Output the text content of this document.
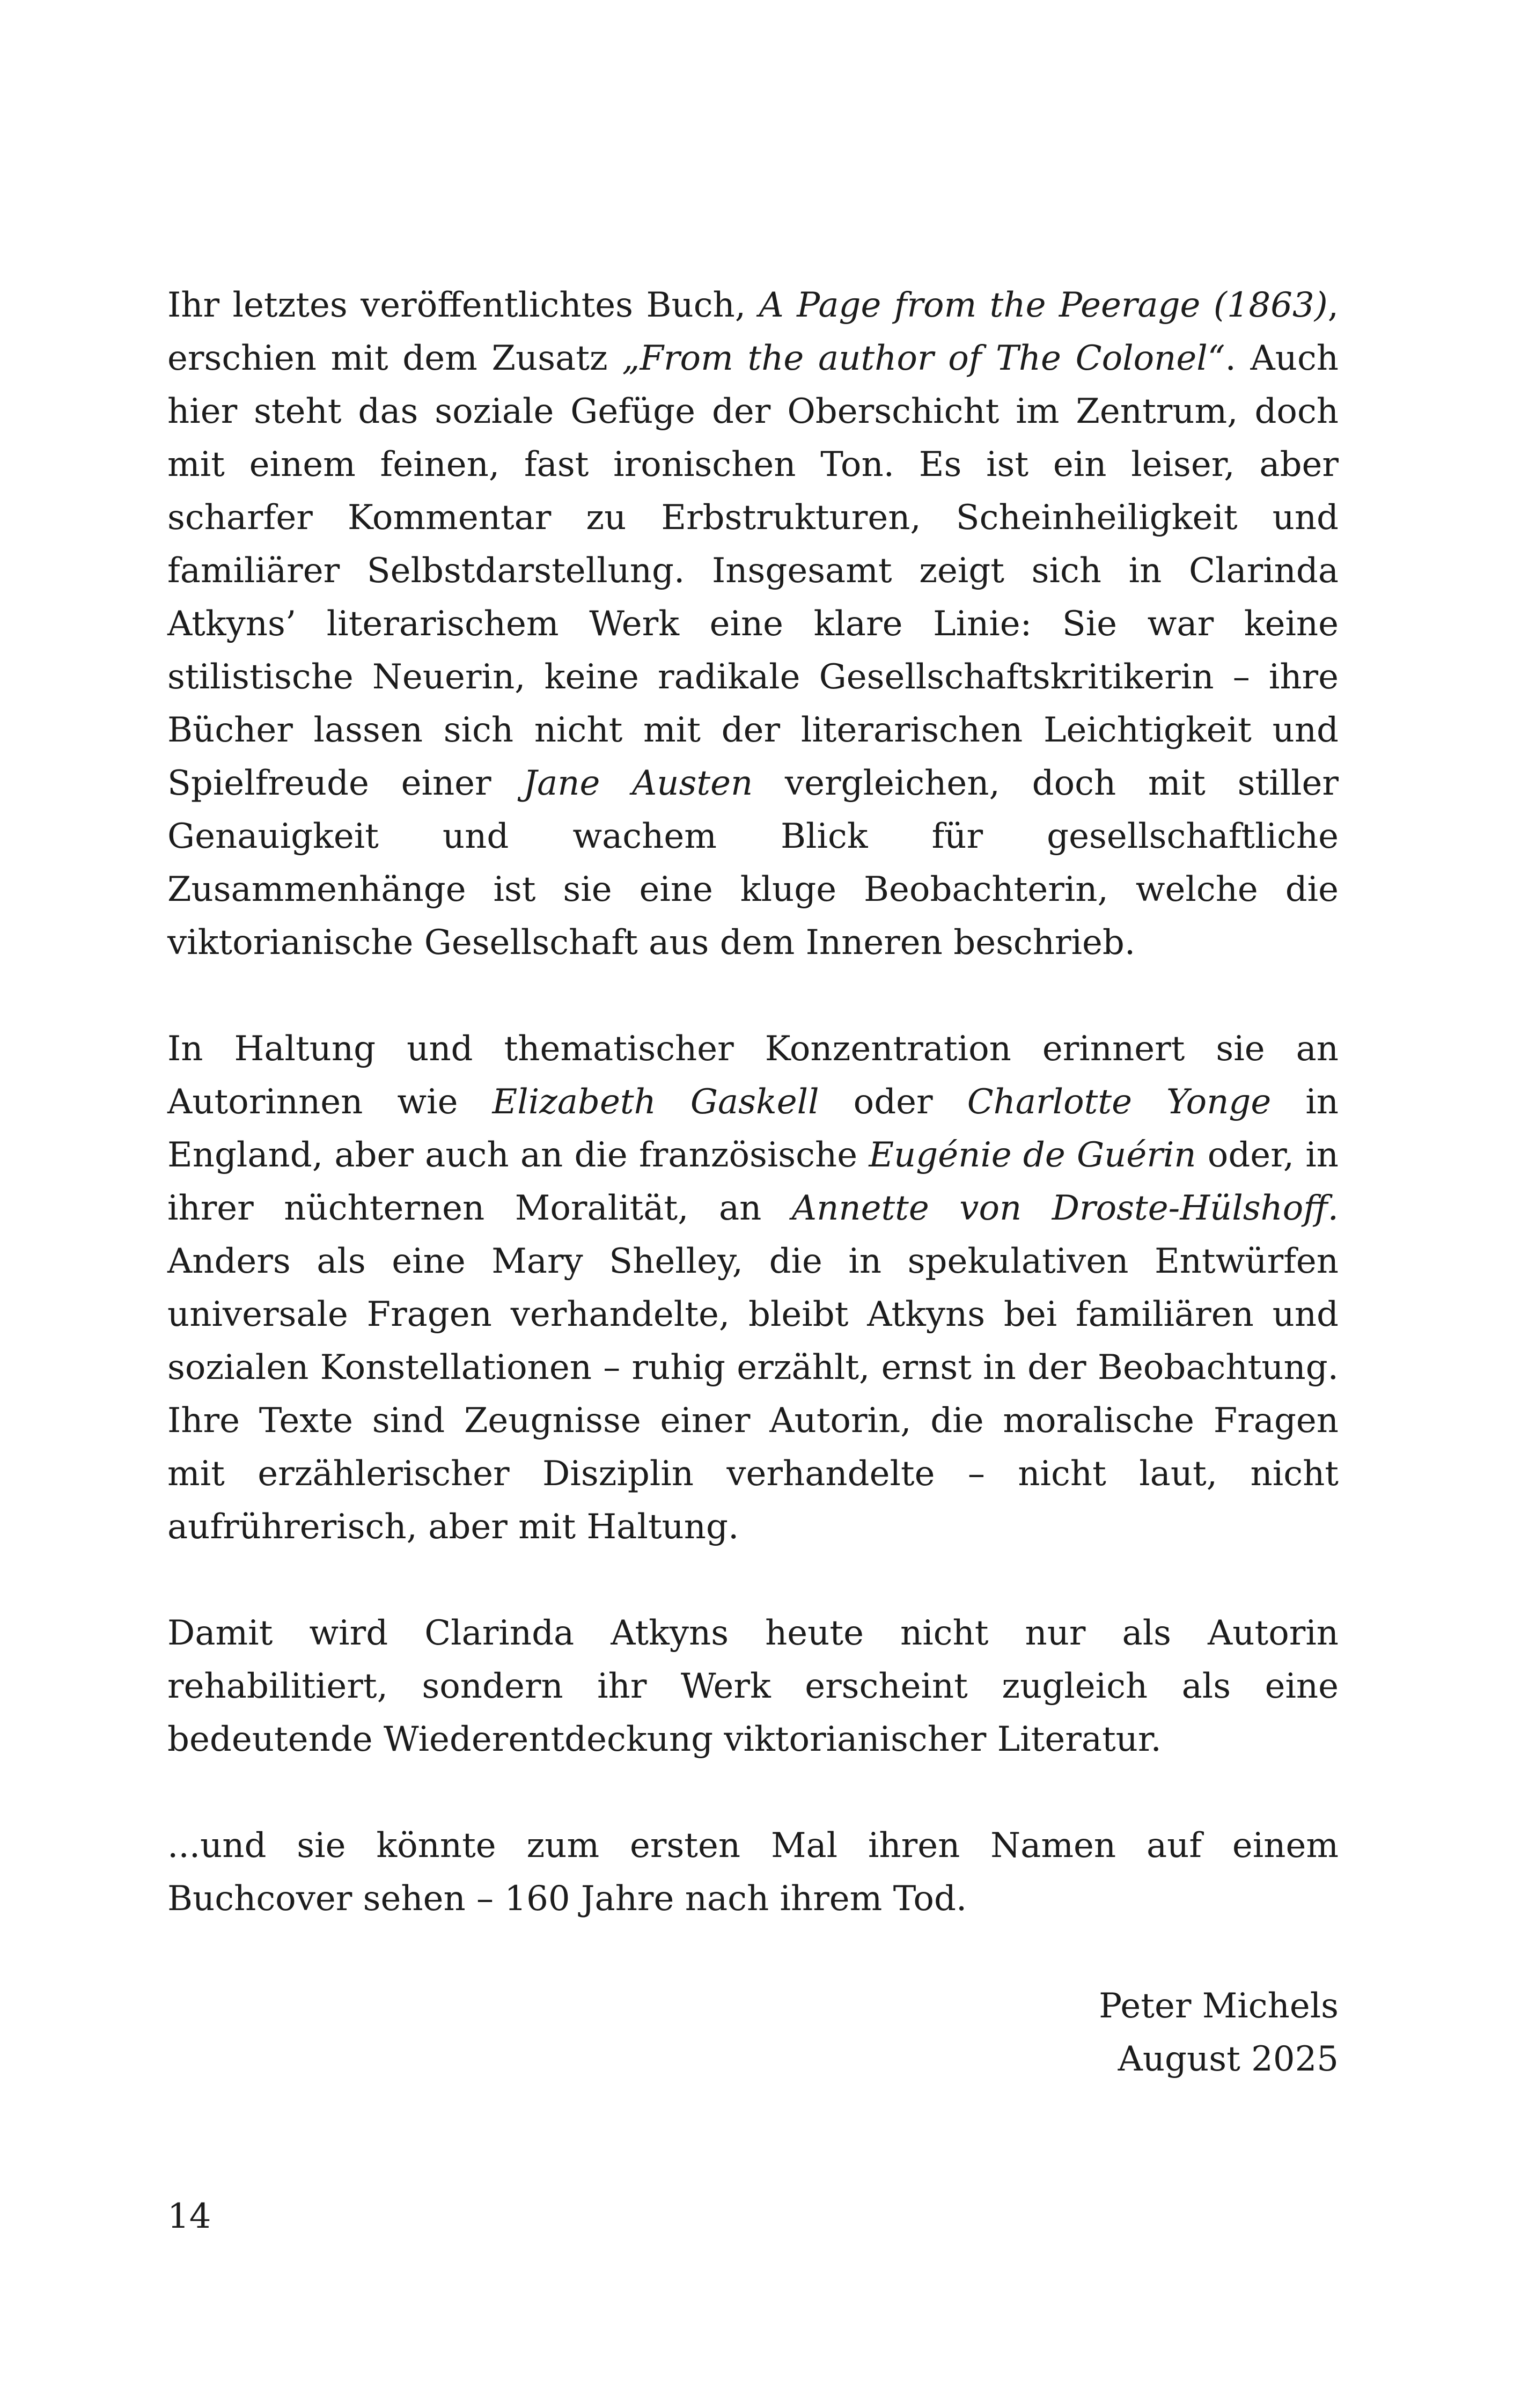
Ihr letztes veröffentlichtes Buch, A Page from the Peerage (1863), erschien mit dem Zusatz „From the author of The Colonel“. Auch hier steht das soziale Gefüge der Oberschicht im Zentrum, doch mit einem feinen, fast ironischen Ton. Es ist ein leiser, aber scharfer Kommentar zu Erbstrukturen, Scheinheiligkeit und familiärer Selbstdarstellung. Insgesamt zeigt sich in Clarinda Atkyns’ literarischem Werk eine klare Linie: Sie war keine stilistische Neuerin, keine radikale Gesellschaftskritikerin – ihre Bücher lassen sich nicht mit der literarischen Leichtigkeit und Spielfreude einer Jane Austen vergleichen, doch mit stiller Genauigkeit und wachem Blick für gesellschaftliche Zusammenhänge ist sie eine kluge Beobachterin, welche die viktorianische Gesellschaft aus dem Inneren beschrieb.

In Haltung und thematischer Konzentration erinnert sie an Autorinnen wie Elizabeth Gaskell oder Charlotte Yonge in England, aber auch an die französische Eugénie de Guérin oder, in ihrer nüchternen Moralität, an Annette von Droste-Hülshoff. Anders als eine Mary Shelley, die in spekulativen Entwürfen universale Fragen verhandelte, bleibt Atkyns bei familiären und sozialen Konstellationen – ruhig erzählt, ernst in der Beobachtung. Ihre Texte sind Zeugnisse einer Autorin, die moralische Fragen mit erzählerischer Disziplin verhandelte – nicht laut, nicht aufrührerisch, aber mit Haltung.

Damit wird Clarinda Atkyns heute nicht nur als Autorin rehabilitiert, sondern ihr Werk erscheint zugleich als eine bedeutende Wiederentdeckung viktorianischer Literatur.

...und sie könnte zum ersten Mal ihren Namen auf einem Buchcover sehen – 160 Jahre nach ihrem Tod.

Peter Michels
August 2025
14
